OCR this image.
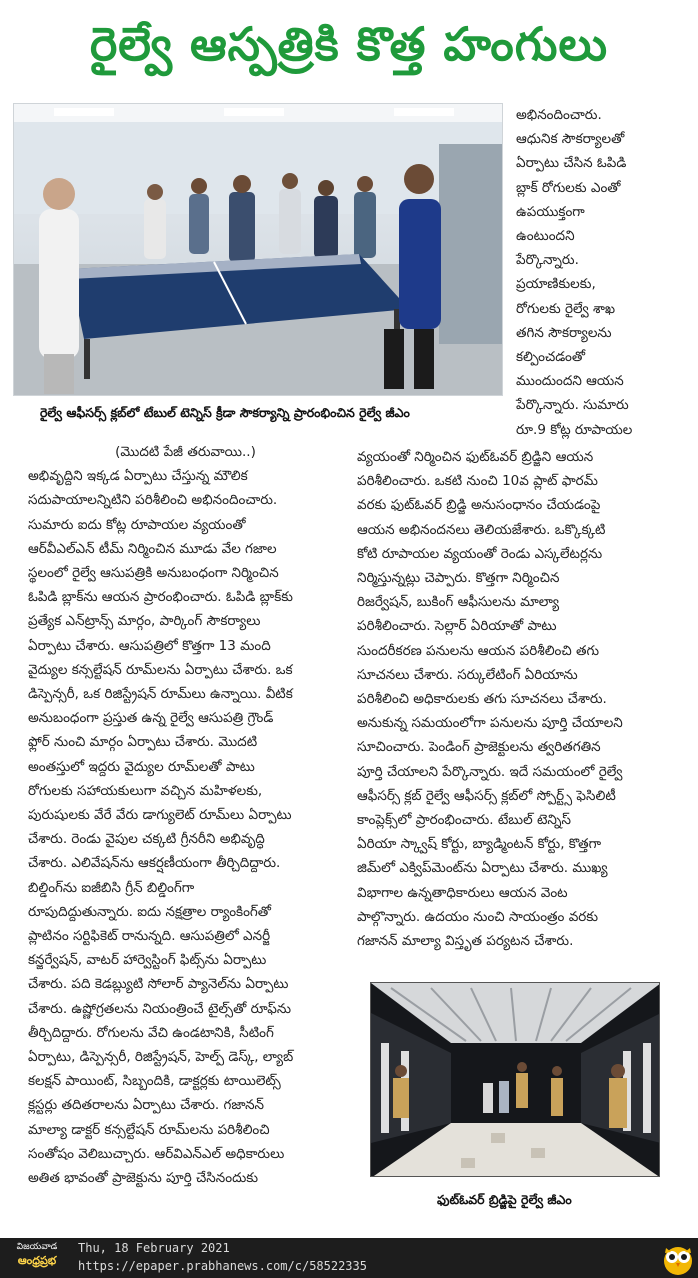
రైల్వే ఆస్పత్రికి కొత్త హంగులు
రైల్వే ఆఫీసర్స్ క్లబ్‌లో టేబుల్ టెన్నిస్ క్రీడా సౌకర్యాన్ని ప్రారంభించిన రైల్వే జీఎం

అభినందించారు.

ఆధునిక సౌకర్యాలతో

ఏర్పాటు చేసిన ఓపిడి

బ్లాక్ రోగులకు ఎంతో

ఉపయుక్తంగా

ఉంటుందని

పేర్కొన్నారు.

ప్రయాణికులకు,

రోగులకు రైల్వే శాఖ

తగిన సౌకర్యాలను

కల్పించడంతో

ముందుందని ఆయన

పేర్కొన్నారు. సుమారు

రూ.9 కోట్ల రూపాయల

వ్యయంతో నిర్మించిన ఫుట్‌ఓవర్ బ్రిడ్జిని ఆయన

పరిశీలించారు. ఒకటి నుంచి 10వ ప్లాట్ ఫారమ్

వరకు ఫుట్‌ఓవర్ బ్రిడ్జి అనుసంధానం చేయడంపై

ఆయన అభినందనలు తెలియజేశారు. ఒక్కొక్కటి

కోటి రూపాయల వ్యయంతో రెండు ఎస్కలేటర్లను

నిర్మిస్తున్నట్లు చెప్పారు. కొత్తగా నిర్మించిన

రిజర్వేషన్, బుకింగ్ ఆఫీసులను మాల్యా

పరిశీలించారు. సెల్లార్ ఏరియాతో పాటు

సుందరీకరణ పనులను ఆయన పరిశీలించి తగు

సూచనలు చేశారు. సర్కులేటింగ్ ఏరియాను

పరిశీలించి అధికారులకు తగు సూచనలు చేశారు.

అనుకున్న సమయంలోగా పనులను పూర్తి చేయాలని

సూచించారు. పెండింగ్ ప్రాజెక్టులను త్వరితగతిన

పూర్తి చేయాలని పేర్కొన్నారు. ఇదే సమయంలో రైల్వే

ఆఫీసర్స్ క్లబ్ రైల్వే ఆఫీసర్స్ క్లబ్‌లో స్పోర్ట్స్ ఫెసిలిటీ

కాంప్లెక్స్‌లో ప్రారంభించారు. టేబుల్ టెన్నిస్

ఏరియా స్క్వాష్ కోర్టు, బ్యాడ్మింటన్ కోర్టు, కొత్తగా

జిమ్‌లో ఎక్విప్‌మెంట్‌ను ఏర్పాటు చేశారు. ముఖ్య

విభాగాల ఉన్నతాధికారులు ఆయన వెంట

పాల్గొన్నారు. ఉదయం నుంచి సాయంత్రం వరకు

గజానన్ మాల్యా విస్తృత పర్యటన చేశారు.

(మొదటి పేజీ తరువాయి..)

అభివృద్దిని ఇక్కడ ఏర్పాటు చేస్తున్న మౌలిక

సదుపాయాలన్నిటిని పరిశీలించి అభినందించారు.

సుమారు ఐదు కోట్ల రూపాయల వ్యయంతో

ఆర్‌వీఎల్‌ఎన్ టీమ్ నిర్మించిన మూడు వేల గజాల

స్థలంలో రైల్వే ఆసుపత్రికి అనుబంధంగా నిర్మించిన

ఓపిడి బ్లాక్‌ను ఆయన ప్రారంభించారు. ఓపిడి బ్లాక్‌కు

ప్రత్యేక ఎన్‌ట్రాన్స్ మార్గం, పార్కింగ్ సౌకర్యాలు

ఏర్పాటు చేశారు. ఆసుపత్రిలో కొత్తగా 13 మంది

వైద్యుల కన్సల్టేషన్ రూమ్‌లను ఏర్పాటు చేశారు. ఒక

డిస్పెన్సరీ, ఒక రిజిస్ట్రేషన్ రూమ్‌లు ఉన్నాయి. వీటిక

అనుబంధంగా ప్రస్తుత ఉన్న రైల్వే ఆసుపత్రి గ్రౌండ్

ఫ్లోర్ నుంచి మార్గం ఏర్పాటు చేశారు. మొదటి

అంతస్తులో ఇద్దరు వైద్యుల రూమ్‌లతో పాటు

రోగులకు సహాయకులుగా వచ్చిన మహిళలకు,

పురుషులకు వేరే వేరు డాగ్యులెట్ రూమ్‌లు ఏర్పాటు

చేశారు. రెండు వైపుల చక్కటి గ్రీనరీని అభివృద్ధి

చేశారు. ఎలివేషన్‌ను ఆకర్షణీయంగా తీర్చిదిద్దారు.

బిల్డింగ్‌ను ఐజీబిసి గ్రీన్ బిల్డింగ్‌గా

రూపుదిద్దుతున్నారు. ఐదు నక్షత్రాల ర్యాంకింగ్‌తో

ప్లాటినం సర్టిఫికెట్ రానున్నది. ఆసుపత్రిలో ఎనర్జీ

కన్జర్వేషన్, వాటర్ హార్వెస్టింగ్ ఫిట్స్‌ను ఏర్పాటు

చేశారు. పది కెడబ్ల్యుటి సోలార్ ప్యానెల్‌ను ఏర్పాటు

చేశారు. ఉష్ణోగ్రతలను నియంత్రించే టైల్స్‌తో రూఫ్‌ను

తీర్చిదిద్దారు. రోగులను వేచి ఉండటానికి, సీటింగ్

ఏర్పాటు, డిస్పెన్సరీ, రిజిస్ట్రేషన్, హెల్ప్ డెస్క్, ల్యాబ్

కలక్షన్ పాయింట్, సిబ్బందికి, డాక్టర్లకు టాయిలెట్స్

క్లస్టర్లు తదితరాలను ఏర్పాటు చేశారు. గజానన్

మాల్యా డాక్టర్ కన్సల్టేషన్ రూమ్‌లను పరిశీలించి

సంతోషం వెలిబుచ్చారు. ఆర్‌విఎన్‌ఎల్ అధికారులు

అతిత భావంతో ప్రాజెక్టును పూర్తి చేసినందుకు

ఫుట్‌ఓవర్ బ్రిడ్జిపై రైల్వే జీఎం
విజయవాడ
ఆంధ్రప్రభ
Thu, 18 February 2021
https://epaper.prabhanews.com/c/58522335
